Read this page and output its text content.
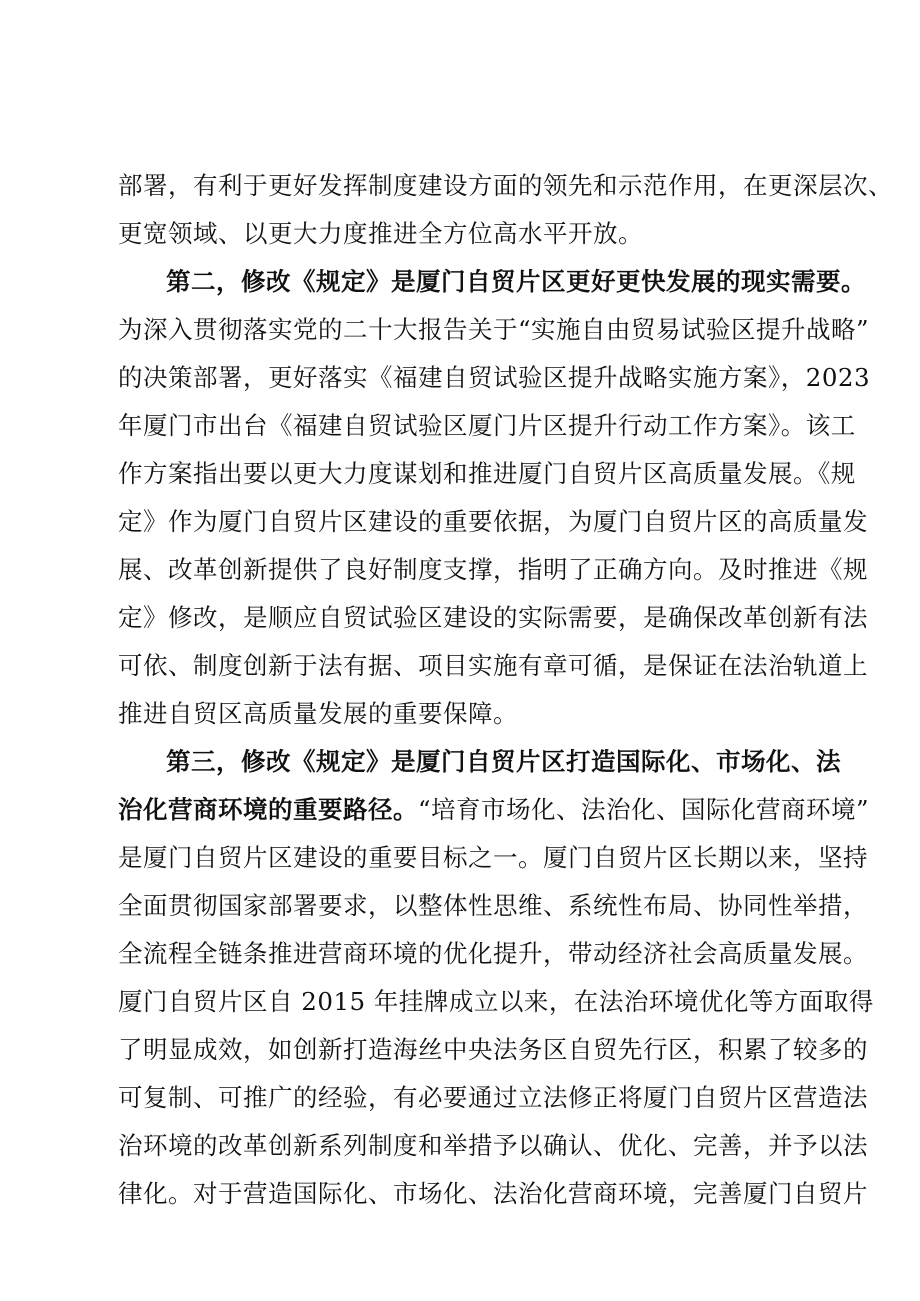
部署，有利于更好发挥制度建设方面的领先和示范作用，在更深层次、
更宽领域、以更大力度推进全方位高水平开放。
第二，修改《规定》是厦门自贸片区更好更快发展的现实需要。
为深入贯彻落实党的二十大报告关于“实施自由贸易试验区提升战略”
的决策部署，更好落实《福建自贸试验区提升战略实施方案》，2023
年厦门市出台《福建自贸试验区厦门片区提升行动工作方案》。该工
作方案指出要以更大力度谋划和推进厦门自贸片区高质量发展。《规
定》作为厦门自贸片区建设的重要依据，为厦门自贸片区的高质量发
展、改革创新提供了良好制度支撑，指明了正确方向。及时推进《规
定》修改，是顺应自贸试验区建设的实际需要，是确保改革创新有法
可依、制度创新于法有据、项目实施有章可循，是保证在法治轨道上
推进自贸区高质量发展的重要保障。
第三，修改《规定》是厦门自贸片区打造国际化、市场化、法
治化营商环境的重要路径。 “培育市场化、法治化、国际化营商环境”
是厦门自贸片区建设的重要目标之一。厦门自贸片区长期以来，坚持
全面贯彻国家部署要求，以整体性思维、系统性布局、协同性举措，
全流程全链条推进营商环境的优化提升，带动经济社会高质量发展。
厦门自贸片区自 2015 年挂牌成立以来，在法治环境优化等方面取得
了明显成效，如创新打造海丝中央法务区自贸先行区，积累了较多的
可复制、可推广的经验，有必要通过立法修正将厦门自贸片区营造法
治环境的改革创新系列制度和举措予以确认、优化、完善，并予以法
律化。对于营造国际化、市场化、法治化营商环境，完善厦门自贸片
